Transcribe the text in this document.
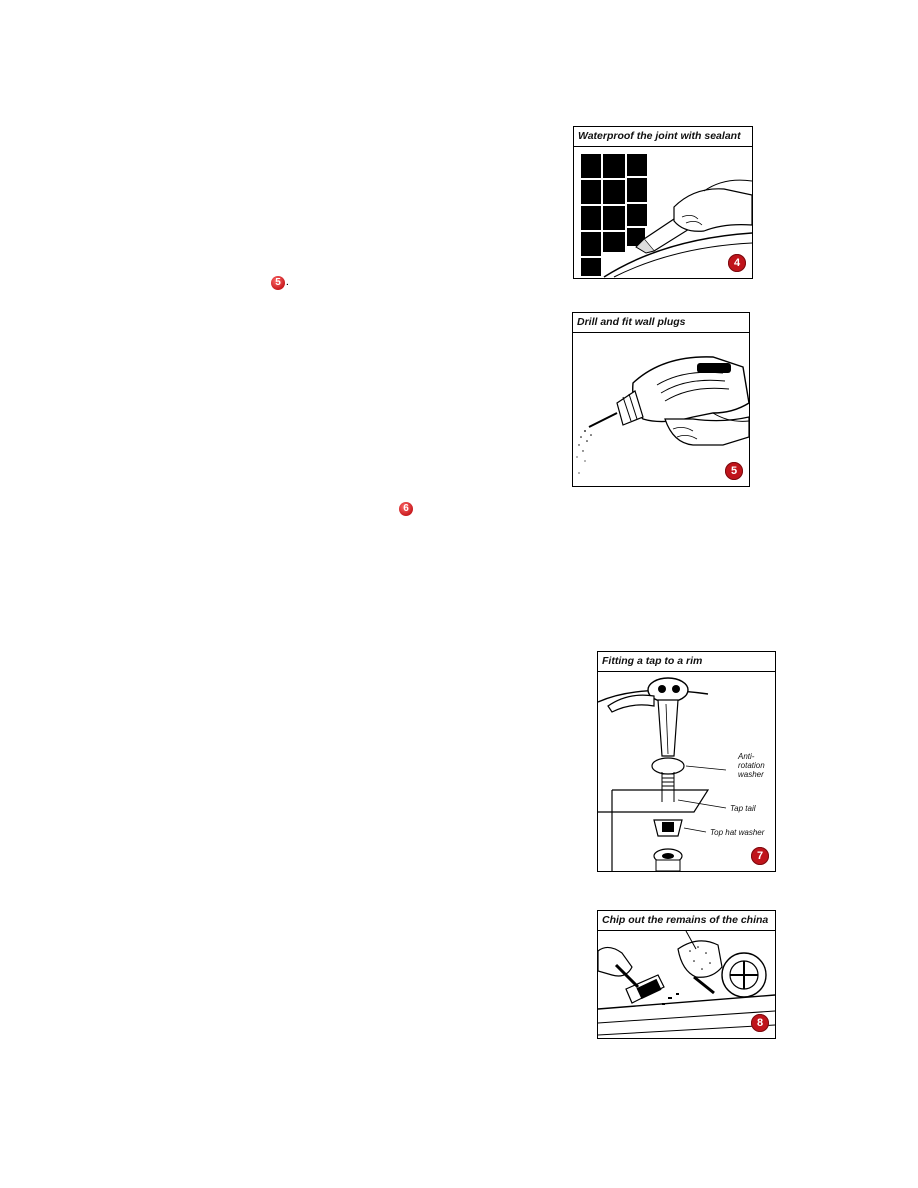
5 .
6
Waterproof the joint with sealant
4
Drill and fit wall plugs
5
Fitting a tap to a rim
Anti-
rotation
washer
Tap tail
Top hat washer
7
Chip out the remains of the china
8
